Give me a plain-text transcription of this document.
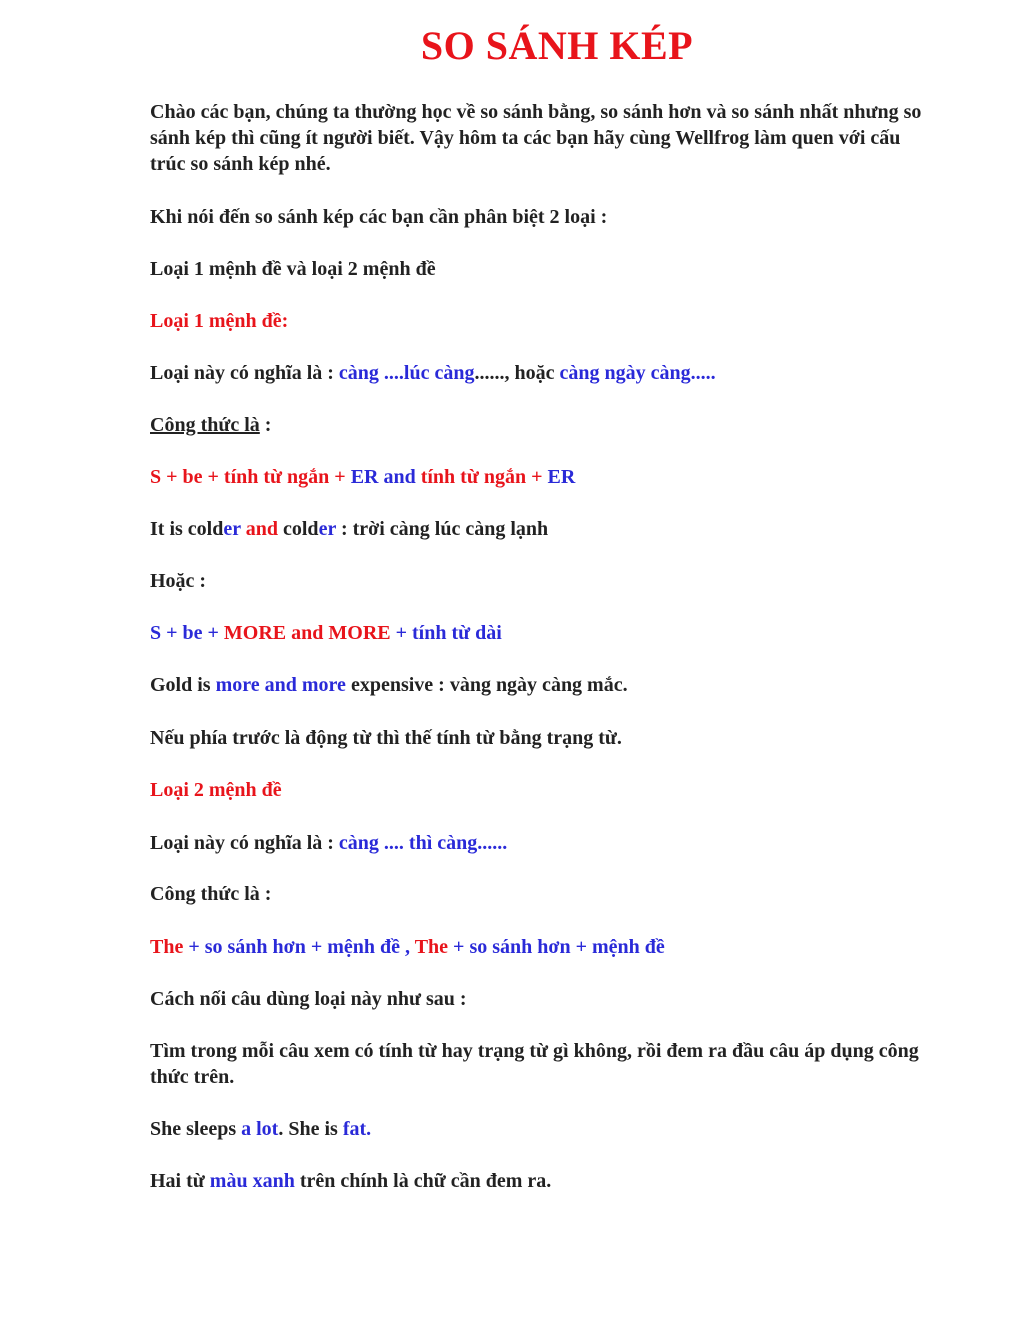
SO SÁNH KÉP
Chào các bạn, chúng ta thường học về so sánh bằng, so sánh hơn và so sánh nhất nhưng so sánh kép thì cũng ít người biết. Vậy hôm ta các bạn hãy cùng Wellfrog làm quen với cấu trúc so sánh kép nhé.
Khi nói đến so sánh kép các bạn cần phân biệt 2 loại :
Loại 1 mệnh đề và loại 2 mệnh đề
Loại 1 mệnh đề:
Loại này có nghĩa là : càng ....lúc càng......, hoặc càng ngày càng.....
Công thức là :
S + be + tính từ ngắn + ER and tính từ ngắn + ER
It is colder and colder : trời càng lúc càng lạnh
Hoặc :
S + be + MORE and MORE + tính từ dài
Gold is more and more expensive : vàng ngày càng mắc.
Nếu phía trước là động từ thì thế tính từ bằng trạng từ.
Loại 2 mệnh đề
Loại này có nghĩa là : càng .... thì càng......
Công thức là :
The + so sánh hơn + mệnh đề , The + so sánh hơn + mệnh đề
Cách nối câu dùng loại này như sau :
Tìm trong mỗi câu xem có tính từ hay trạng từ gì không, rồi đem ra đầu câu áp dụng công thức trên.
She sleeps a lot. She is fat.
Hai từ màu xanh trên chính là chữ cần đem ra.
